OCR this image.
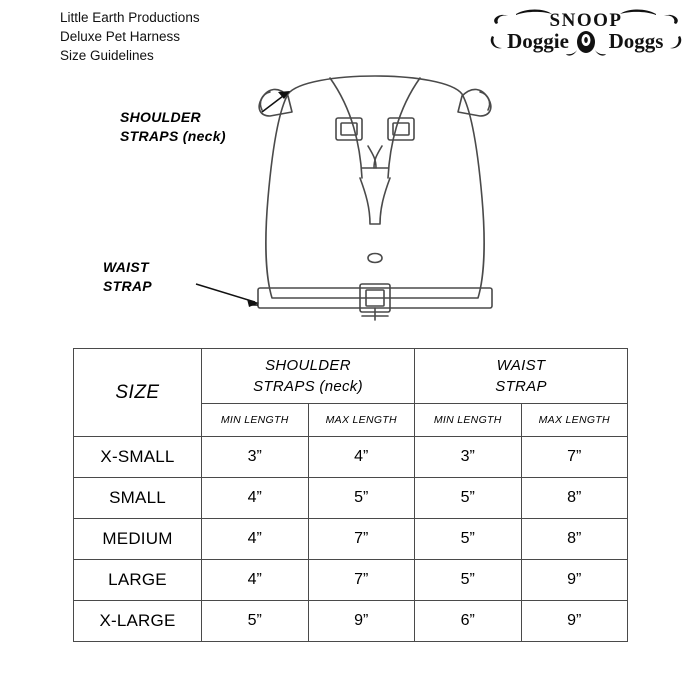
Little Earth Productions
Deluxe Pet Harness
Size Guidelines
SNOOP
Doggie Doggs
SHOULDER
STRAPS (neck)
WAIST
STRAP
SIZE	
SHOULDER
STRAPS (neck)

WAIST
STRAP

	MIN LENGTH	MAX LENGTH	MIN LENGTH	MAX LENGTH
X-SMALL	3”	4”	3”	7”
SMALL	4”	5”	5”	8”
MEDIUM	4”	7”	5”	8”
LARGE	4”	7”	5”	9”
X-LARGE	5”	9”	6”	9”
